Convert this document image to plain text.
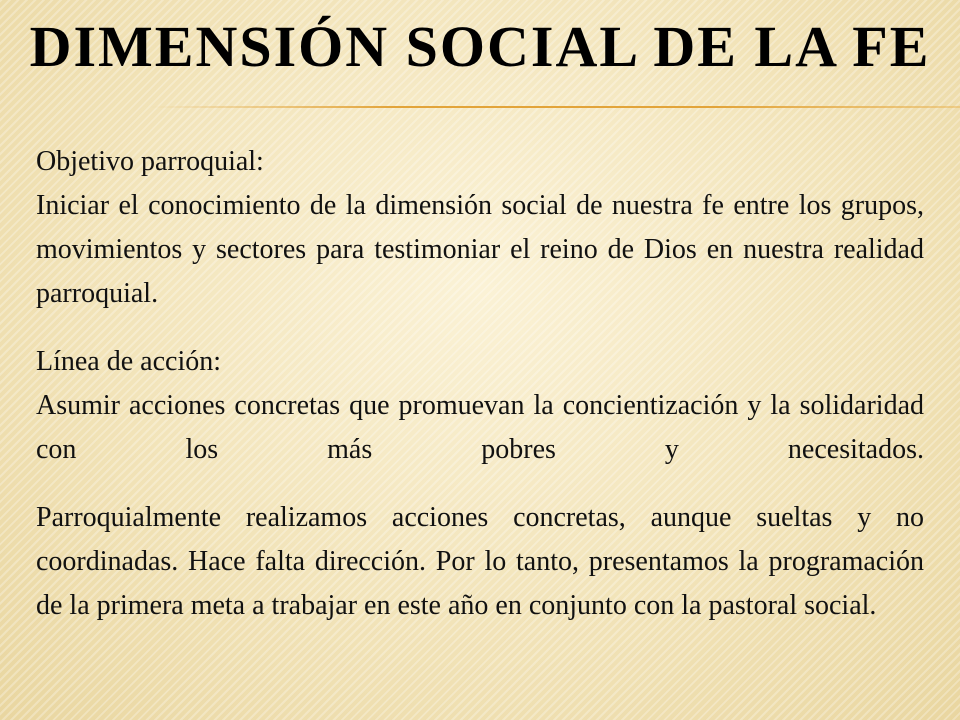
DIMENSIÓN SOCIAL DE LA FE

Objetivo parroquial:

Iniciar el conocimiento de la dimensión social de nuestra fe entre los grupos, movimientos y sectores para testimoniar el reino de Dios en nuestra realidad parroquial.

Línea de acción:

Asumir acciones concretas que promuevan la concientización y la solidaridad con los más pobres y necesitados.

Parroquialmente realizamos acciones concretas, aunque sueltas y no coordinadas. Hace falta dirección. Por lo tanto, presentamos la programación de la primera meta a trabajar en este año en conjunto con la pastoral social.
